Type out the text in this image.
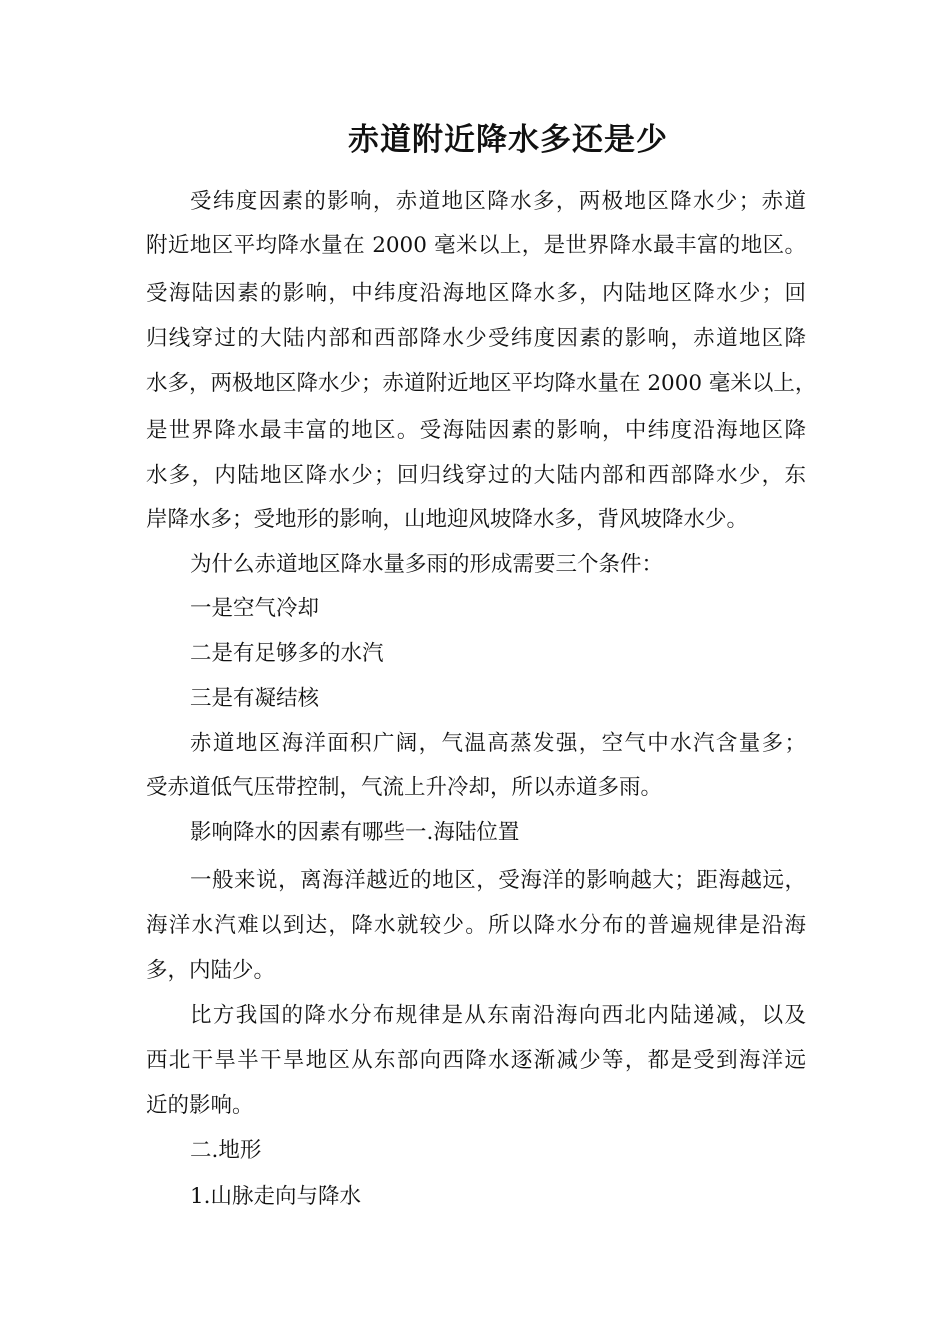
赤道附近降水多还是少

受纬度因素的影响，赤道地区降水多，两极地区降水少；赤道

附近地区平均降水量在 2000 毫米以上，是世界降水最丰富的地区。

受海陆因素的影响，中纬度沿海地区降水多，内陆地区降水少；回

归线穿过的大陆内部和西部降水少受纬度因素的影响，赤道地区降

水多，两极地区降水少；赤道附近地区平均降水量在 2000 毫米以上，

是世界降水最丰富的地区。受海陆因素的影响，中纬度沿海地区降

水多，内陆地区降水少；回归线穿过的大陆内部和西部降水少，东

岸降水多；受地形的影响，山地迎风坡降水多，背风坡降水少。

为什么赤道地区降水量多雨的形成需要三个条件：

一是空气冷却

二是有足够多的水汽

三是有凝结核

赤道地区海洋面积广阔，气温高蒸发强，空气中水汽含量多；

受赤道低气压带控制，气流上升冷却，所以赤道多雨。

影响降水的因素有哪些一.海陆位置

一般来说，离海洋越近的地区，受海洋的影响越大；距海越远，

海洋水汽难以到达，降水就较少。所以降水分布的普遍规律是沿海

多，内陆少。

比方我国的降水分布规律是从东南沿海向西北内陆递减，以及

西北干旱半干旱地区从东部向西降水逐渐减少等，都是受到海洋远

近的影响。

二.地形

1.山脉走向与降水
